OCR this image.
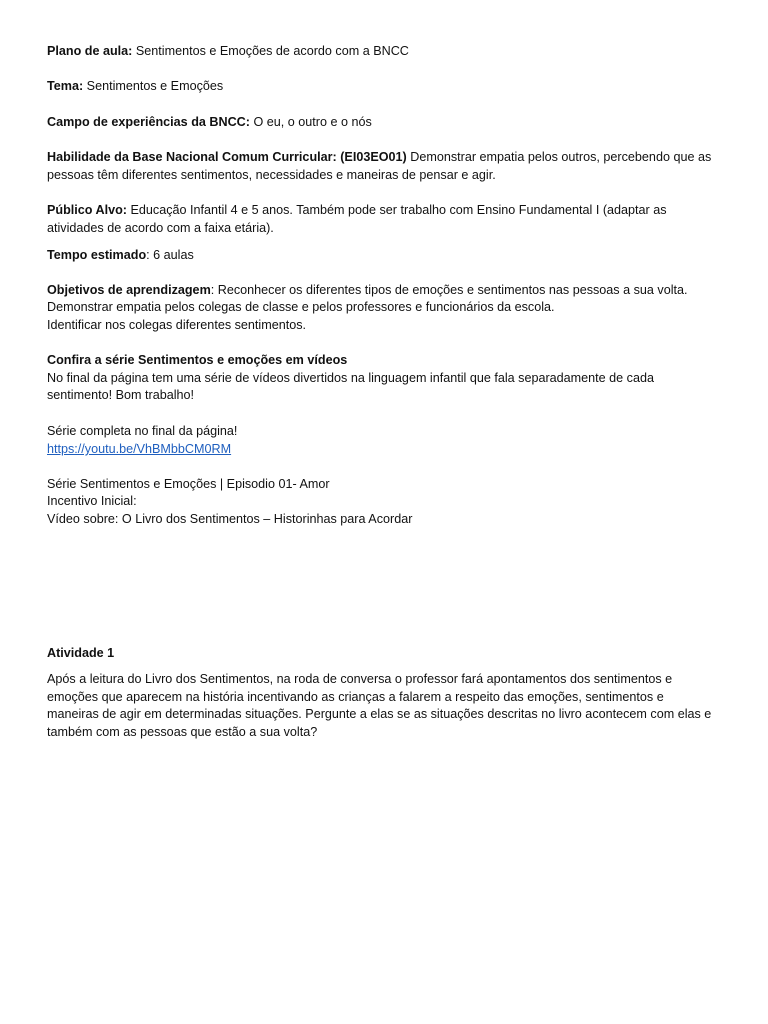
Plano de aula: Sentimentos e Emoções de acordo com a BNCC
Tema: Sentimentos e Emoções
Campo de experiências da BNCC: O eu, o outro e o nós
Habilidade da Base Nacional Comum Curricular: (EI03EO01) Demonstrar empatia pelos outros, percebendo que as
pessoas têm diferentes sentimentos, necessidades e maneiras de pensar e agir.
Público Alvo: Educação Infantil 4 e 5 anos. Também pode ser trabalho com Ensino Fundamental I (adaptar as
atividades de acordo com a faixa etária).
Tempo estimado: 6 aulas
Objetivos de aprendizagem: Reconhecer os diferentes tipos de emoções e sentimentos nas pessoas a sua volta.
Demonstrar empatia pelos colegas de classe e pelos professores e funcionários da escola.
Identificar nos colegas diferentes sentimentos.
Confira a série Sentimentos e emoções em vídeos
No final da página tem uma série de vídeos divertidos na linguagem infantil que fala separadamente de cada
sentimento! Bom trabalho!
Série completa no final da página!
https://youtu.be/VhBMbbCM0RM
Série Sentimentos e Emoções | Episodio 01- Amor
Incentivo Inicial:
Vídeo sobre: O Livro dos Sentimentos – Historinhas para Acordar
Atividade 1
Após a leitura do Livro dos Sentimentos, na roda de conversa o professor fará apontamentos dos sentimentos e
emoções que aparecem na história incentivando as crianças a falarem a respeito das emoções, sentimentos e
maneiras de agir em determinadas situações. Pergunte a elas se as situações descritas no livro acontecem com elas e
também com as pessoas que estão a sua volta?
